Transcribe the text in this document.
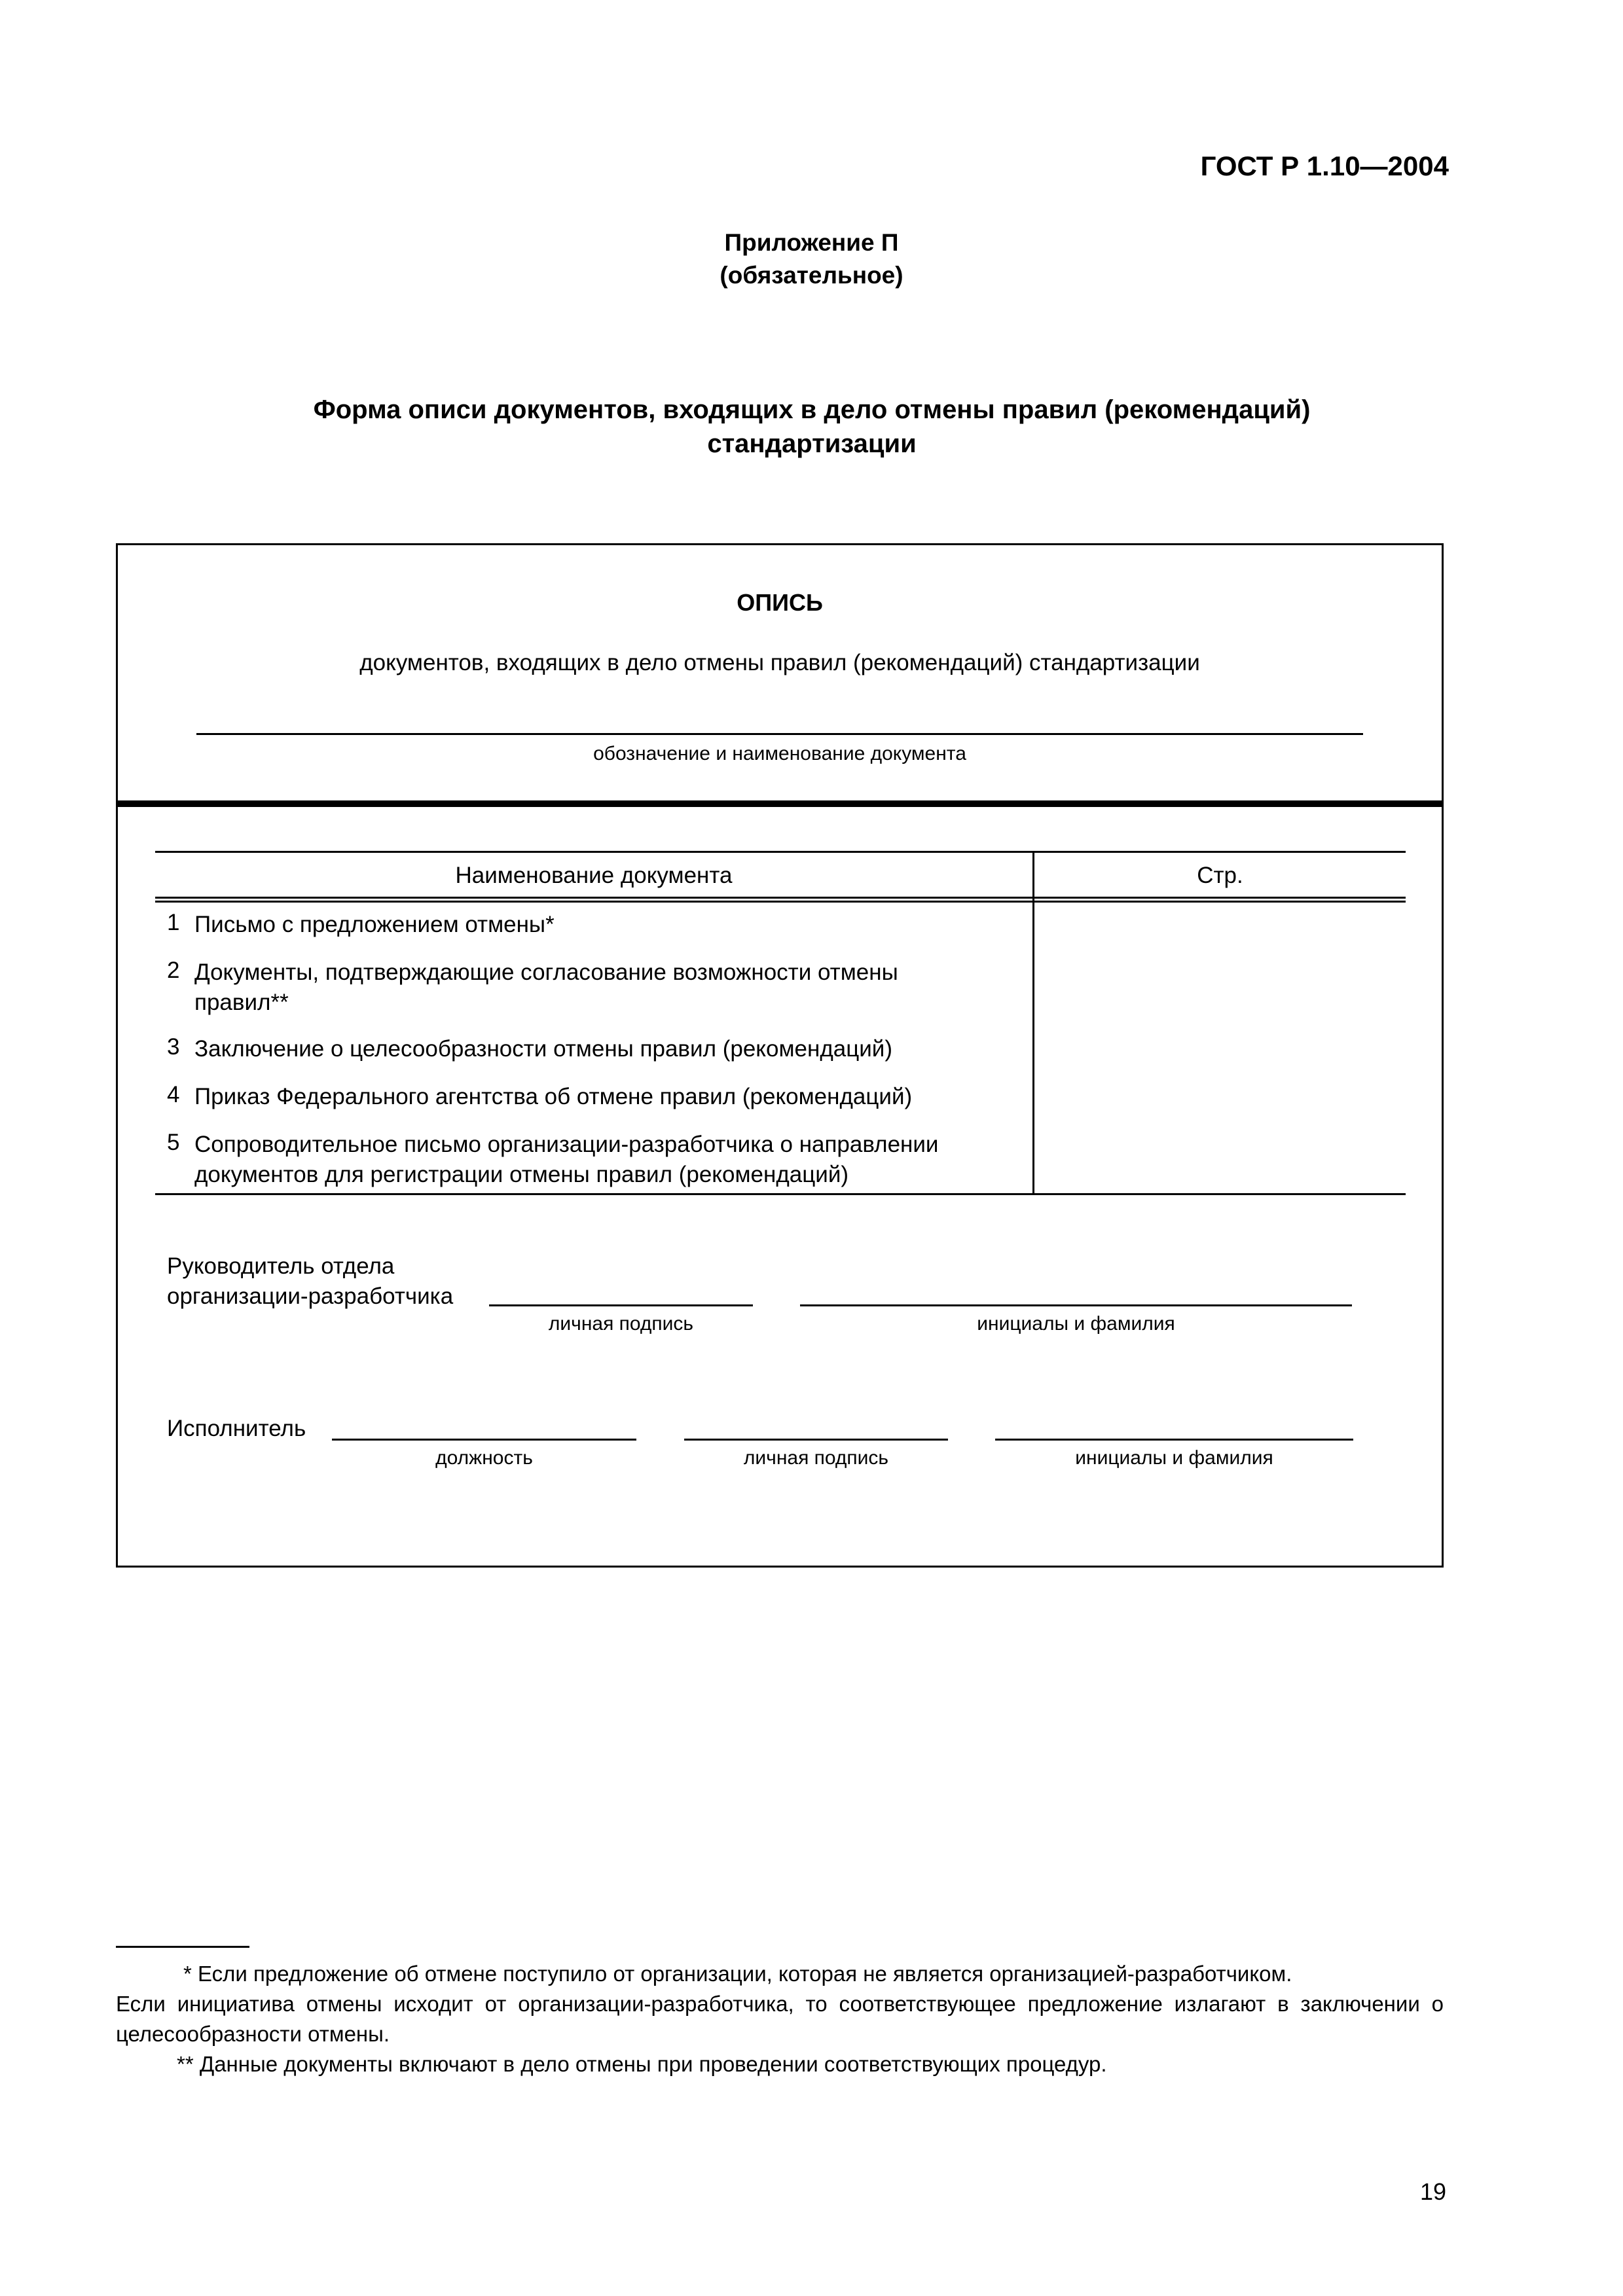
ГОСТ Р 1.10—2004
Приложение П
(обязательное)
Форма описи документов, входящих в дело отмены правил (рекомендаций)
стандартизации
ОПИСЬ
документов, входящих в дело отмены правил (рекомендаций) стандартизации
обозначение и наименование документа
Наименование документа	Стр.
1 Письмо с предложением отмены*
2 Документы, подтверждающие согласование возможности отмены правил**
3 Заключение о целесообразности отмены правил (рекомендаций)
4 Приказ Федерального агентства об отмене правил (рекомендаций)
5 Сопроводительное письмо организации-разработчика о направлении документов для регистрации отмены правил (рекомендаций)
Руководитель отдела
организации-разработчика
личная подпись	инициалы и фамилия
Исполнитель
должность	личная подпись	инициалы и фамилия
* Если предложение об отмене поступило от организации, которая не является организацией-разработчиком.
Если инициатива отмены исходит от организации-разработчика, то соответствующее предложение излагают в заключении о целесообразности отмены.
** Данные документы включают в дело отмены при проведении соответствующих процедур.
19
